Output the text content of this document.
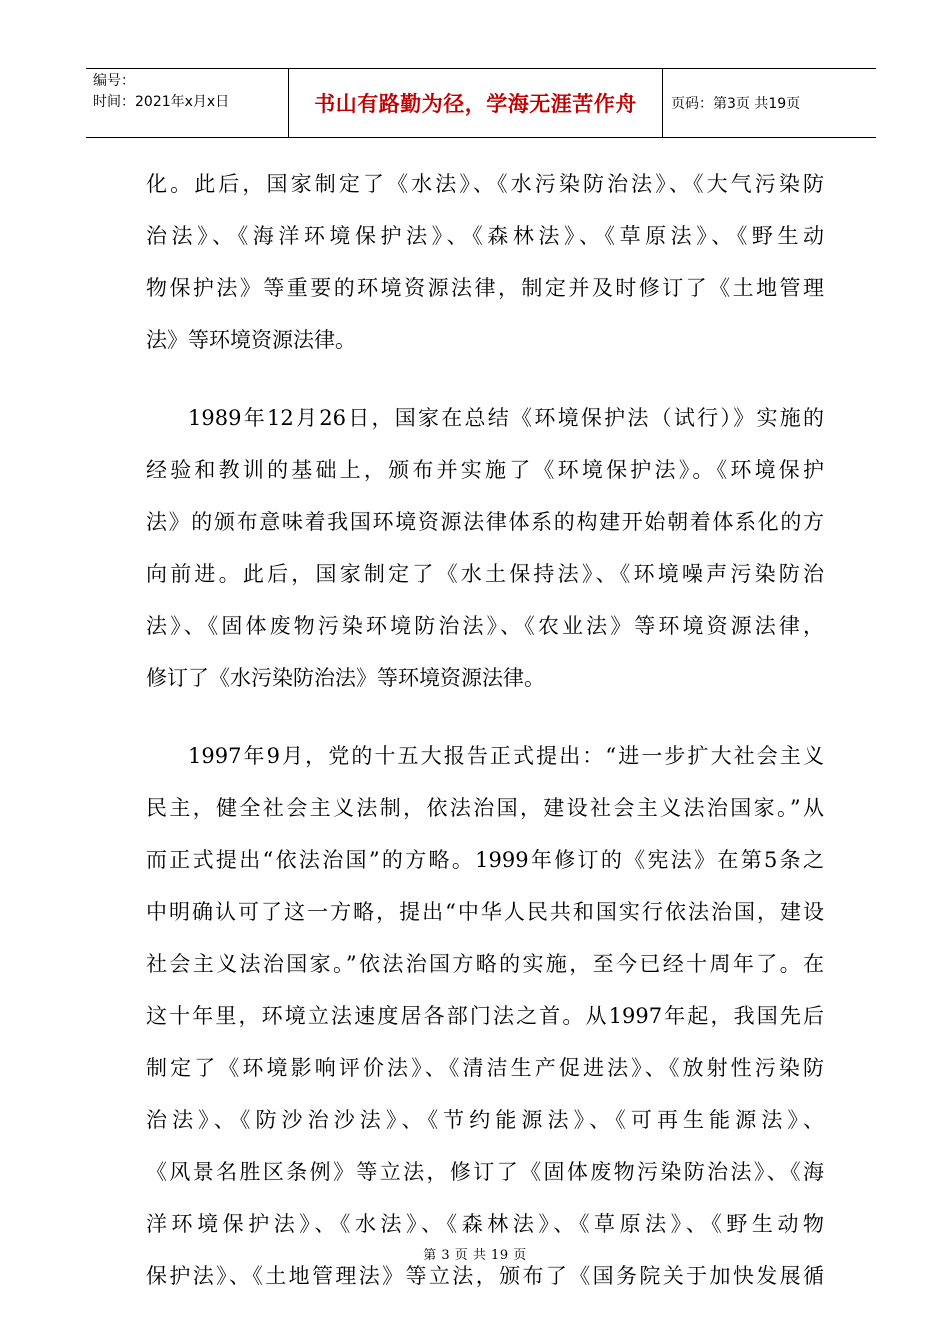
编号：
时间：2021年x月x日	书山有路勤为径，学海无涯苦作舟	页码：第3页 共19页
化。此后，国家制定了《水法》、《水污染防治法》、《大气污染防
治法》、《海洋环境保护法》、《森林法》、《草原法》、《野生动
物保护法》等重要的环境资源法律，制定并及时修订了《土地管理
法》等环境资源法律。
1989年12月26日，国家在总结《环境保护法（试行）》实施的
经验和教训的基础上，颁布并实施了《环境保护法》。《环境保护
法》的颁布意味着我国环境资源法律体系的构建开始朝着体系化的方
向前进。此后，国家制定了《水土保持法》、《环境噪声污染防治
法》、《固体废物污染环境防治法》、《农业法》等环境资源法律，
修订了《水污染防治法》等环境资源法律。
1997年9月，党的十五大报告正式提出：“进一步扩大社会主义
民主，健全社会主义法制，依法治国，建设社会主义法治国家。”从
而正式提出“依法治国”的方略。1999年修订的《宪法》在第5条之
中明确认可了这一方略，提出“中华人民共和国实行依法治国，建设
社会主义法治国家。”依法治国方略的实施，至今已经十周年了。在
这十年里，环境立法速度居各部门法之首。从1997年起，我国先后
制定了《环境影响评价法》、《清洁生产促进法》、《放射性污染防
治法》、《防沙治沙法》、《节约能源法》、《可再生能源法》、
《风景名胜区条例》等立法，修订了《固体废物污染防治法》、《海
洋环境保护法》、《水法》、《森林法》、《草原法》、《野生动物
保护法》、《土地管理法》等立法，颁布了《国务院关于加快发展循
第 3 页 共 19 页
